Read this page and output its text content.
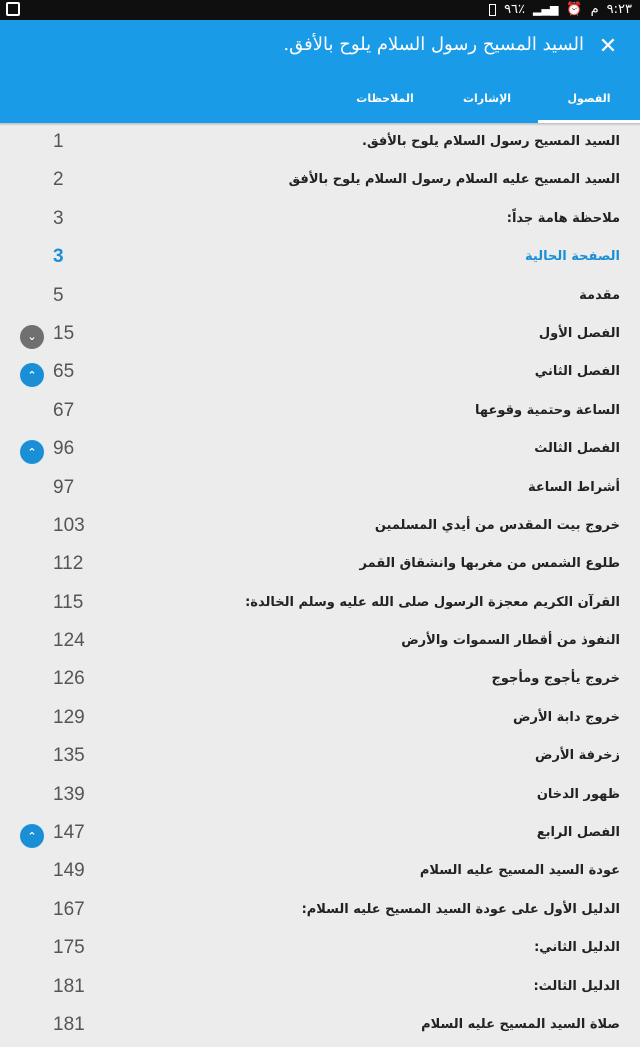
٩٦٪ ▂▄▆ ⏰ م ٩:٢٣
✕
السيد المسيح رسول السلام يلوح بالأفق.
الفصول
الإشارات
الملاحظات
السيد المسيح رسول السلام يلوح بالأفق.
1
السيد المسيح عليه السلام رسول السلام يلوح بالأفق
2
ملاحظة هامة جداً:
3
الصفحة الحالية
3
مقدمة
5
الفصل الأول
15
⌄
الفصل الثاني
65
⌃
الساعة وحتمية وقوعها
67
الفصل الثالث
96
⌃
أشراط الساعة
97
خروج بيت المقدس من أيدي المسلمين
103
طلوع الشمس من مغربها وانشقاق القمر
112
القرآن الكريم معجزة الرسول صلى الله عليه وسلم الخالدة:
115
النفوذ من أقطار السموات والأرض
124
خروج يأجوج ومأجوج
126
خروج دابة الأرض
129
زخرفة الأرض
135
ظهور الدخان
139
الفصل الرابع
147
⌃
عودة السيد المسيح عليه السلام
149
الدليل الأول على عودة السيد المسيح عليه السلام:
167
الدليل الثاني:
175
الدليل الثالث:
181
صلاة السيد المسيح عليه السلام
181
